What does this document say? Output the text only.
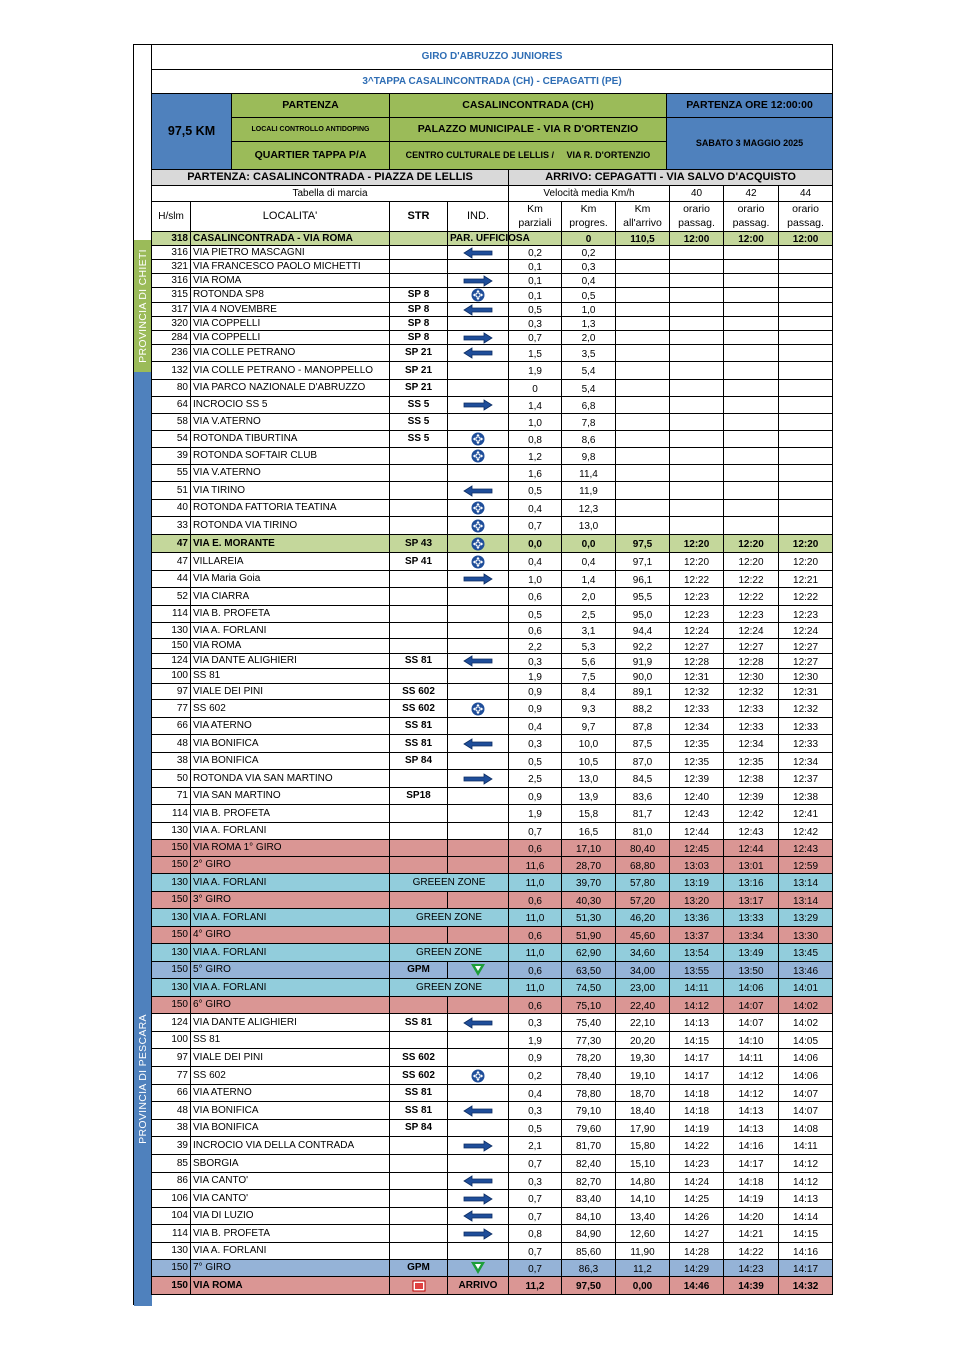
PROVINCIA DI CHIETI
PROVINCIA DI PESCARA
GIRO D'ABRUZZO JUNIORES			
3^TAPPA CASALINCONTRADA (CH) - CEPAGATTI (PE)			
97,5 KM	PARTENZA	CASALINCONTRADA (CH)	PARTENZA ORE 12:00:00
	LOCALI CONTROLLO ANTIDOPING	PALAZZO MUNICIPALE - VIA R D'ORTENZIO	SABATO 3 MAGGIO 2025
	QUARTIER TAPPA P/A	CENTRO CULTURALE DE LELLIS /     VIA R. D'ORTENZIO	
PARTENZA: CASALINCONTRADA - PIAZZA DE LELLIS				ARRIVO: CEPAGATTI - VIA SALVO D'ACQUISTO					
Tabella di marcia				Velocità media Km/h			40	42	44
H/slm	LOCALITA'	STR	IND.	Km parziali	Km progres.	Km all'arrivo	orario passag.	orario passag.	orario passag.
318	CASALINCONTRADA - VIA ROMA		PAR. UFFICIOSA		0	110,5	12:00	12:00	12:00
316	VIA PIETRO MASCAGNI			0,2	0,2				
321	VIA FRANCESCO PAOLO MICHETTI			0,1	0,3				
316	VIA ROMA			0,1	0,4				
315	ROTONDA SP8	SP 8		0,1	0,5				
317	VIA 4 NOVEMBRE	SP 8		0,5	1,0				
320	VIA COPPELLI	SP 8		0,3	1,3				
284	VIA COPPELLI	SP 8		0,7	2,0				
236	VIA COLLE PETRANO	SP 21		1,5	3,5				
132	VIA COLLE PETRANO - MANOPPELLO	SP 21		1,9	5,4				
80	VIA PARCO NAZIONALE D'ABRUZZO	SP 21		0	5,4				
64	INCROCIO SS 5	SS 5		1,4	6,8				
58	VIA V.ATERNO	SS 5		1,0	7,8				
54	ROTONDA TIBURTINA	SS 5		0,8	8,6				
39	ROTONDA SOFTAIR CLUB			1,2	9,8				
55	VIA V.ATERNO			1,6	11,4				
51	VIA TIRINO			0,5	11,9				
40	ROTONDA FATTORIA TEATINA			0,4	12,3				
33	ROTONDA VIA TIRINO			0,7	13,0				
47	VIA E. MORANTE	SP 43		0,0	0,0	97,5	12:20	12:20	12:20
47	VILLAREIA	SP 41		0,4	0,4	97,1	12:20	12:20	12:20
44	VIA Maria Goia			1,0	1,4	96,1	12:22	12:22	12:21
52	VIA CIARRA			0,6	2,0	95,5	12:23	12:22	12:22
114	VIA B. PROFETA			0,5	2,5	95,0	12:23	12:23	12:23
130	VIA A. FORLANI			0,6	3,1	94,4	12:24	12:24	12:24
150	VIA ROMA			2,2	5,3	92,2	12:27	12:27	12:27
124	VIA DANTE ALIGHIERI	SS 81		0,3	5,6	91,9	12:28	12:28	12:27
100	SS 81			1,9	7,5	90,0	12:31	12:30	12:30
97	VIALE DEI PINI	SS 602		0,9	8,4	89,1	12:32	12:32	12:31
77	SS 602	SS 602		0,9	9,3	88,2	12:33	12:33	12:32
66	VIA ATERNO	SS 81		0,4	9,7	87,8	12:34	12:33	12:33
48	VIA BONIFICA	SS 81		0,3	10,0	87,5	12:35	12:34	12:33
38	VIA BONIFICA	SP 84		0,5	10,5	87,0	12:35	12:35	12:34
50	ROTONDA VIA SAN MARTINO			2,5	13,0	84,5	12:39	12:38	12:37
71	VIA SAN MARTINO	SP18		0,9	13,9	83,6	12:40	12:39	12:38
114	VIA B. PROFETA			1,9	15,8	81,7	12:43	12:42	12:41
130	VIA A. FORLANI			0,7	16,5	81,0	12:44	12:43	12:42
150	VIA ROMA 1° GIRO			0,6	17,10	80,40	12:45	12:44	12:43
150	2° GIRO			11,6	28,70	68,80	13:03	13:01	12:59
130	VIA A. FORLANI	GREEEN ZONE		11,0	39,70	57,80	13:19	13:16	13:14
150	3° GIRO			0,6	40,30	57,20	13:20	13:17	13:14
130	VIA A. FORLANI	GREEN ZONE		11,0	51,30	46,20	13:36	13:33	13:29
150	4° GIRO			0,6	51,90	45,60	13:37	13:34	13:30
130	VIA A. FORLANI	GREEN ZONE		11,0	62,90	34,60	13:54	13:49	13:45
150	5° GIRO	GPM		0,6	63,50	34,00	13:55	13:50	13:46
130	VIA A. FORLANI	GREEN ZONE		11,0	74,50	23,00	14:11	14:06	14:01
150	6° GIRO			0,6	75,10	22,40	14:12	14:07	14:02
124	VIA DANTE ALIGHIERI	SS 81		0,3	75,40	22,10	14:13	14:07	14:02
100	SS 81			1,9	77,30	20,20	14:15	14:10	14:05
97	VIALE DEI PINI	SS 602		0,9	78,20	19,30	14:17	14:11	14:06
77	SS 602	SS 602		0,2	78,40	19,10	14:17	14:12	14:06
66	VIA ATERNO	SS 81		0,4	78,80	18,70	14:18	14:12	14:07
48	VIA BONIFICA	SS 81		0,3	79,10	18,40	14:18	14:13	14:07
38	VIA BONIFICA	SP 84		0,5	79,60	17,90	14:19	14:13	14:08
39	INCROCIO VIA DELLA CONTRADA			2,1	81,70	15,80	14:22	14:16	14:11
85	SBORGIA			0,7	82,40	15,10	14:23	14:17	14:12
86	VIA CANTO'			0,3	82,70	14,80	14:24	14:18	14:12
106	VIA CANTO'			0,7	83,40	14,10	14:25	14:19	14:13
104	VIA DI LUZIO			0,7	84,10	13,40	14:26	14:20	14:14
114	VIA B. PROFETA			0,8	84,90	12,60	14:27	14:21	14:15
130	VIA A. FORLANI			0,7	85,60	11,90	14:28	14:22	14:16
150	7° GIRO	GPM		0,7	86,3	11,2	14:29	14:23	14:17
150	VIA ROMA		ARRIVO	11,2	97,50	0,00	14:46	14:39	14:32
